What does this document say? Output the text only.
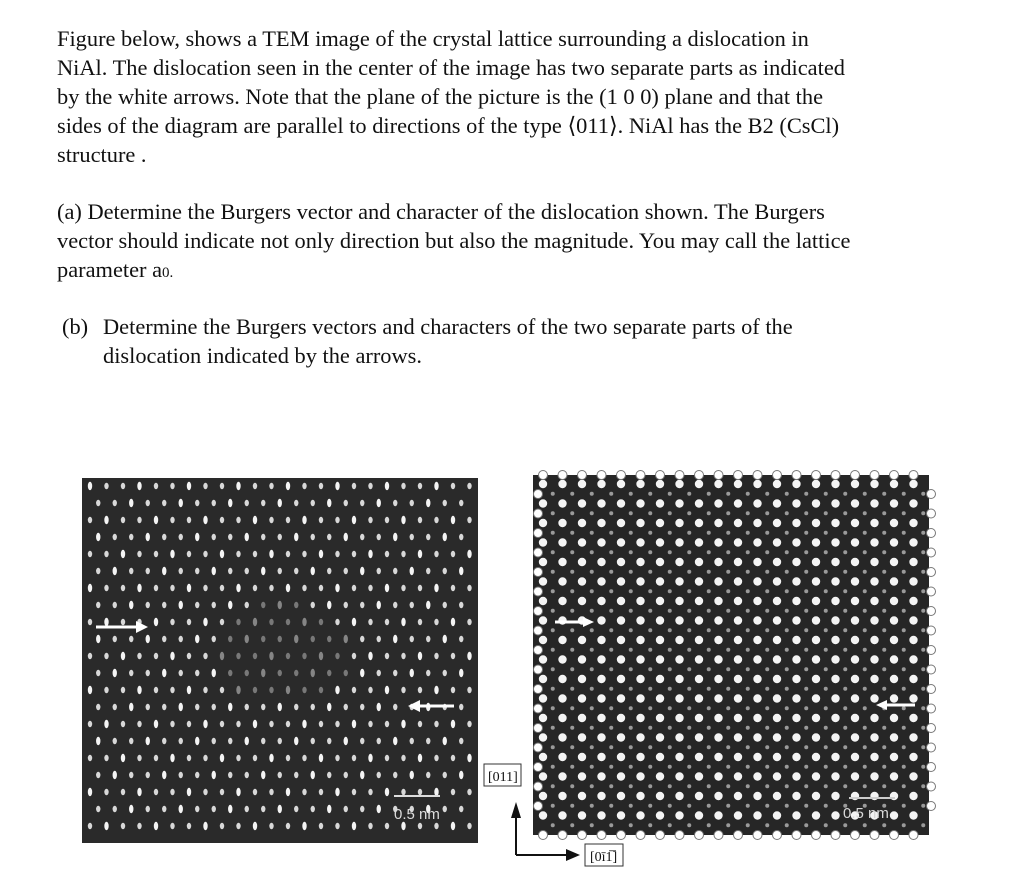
Figure below, shows a TEM image of the crystal lattice surrounding a dislocation in
NiAl. The dislocation seen in the center of the image has two separate parts as indicated
by the white arrows. Note that the plane of the picture is the (1 0 0) plane and that the
sides of the diagram are parallel to directions of the type ⟨011⟩. NiAl has the B2 (CsCl)
structure .
(a) Determine the Burgers vector and character of the dislocation shown. The Burgers
vector should indicate not only direction but also the magnitude. You may call the lattice
parameter a0.
(b) Determine the Burgers vectors and characters of the two separate parts of the
dislocation indicated by the arrows.
0.5 nm	0.5 nm
[011]
[0ī1̅]
